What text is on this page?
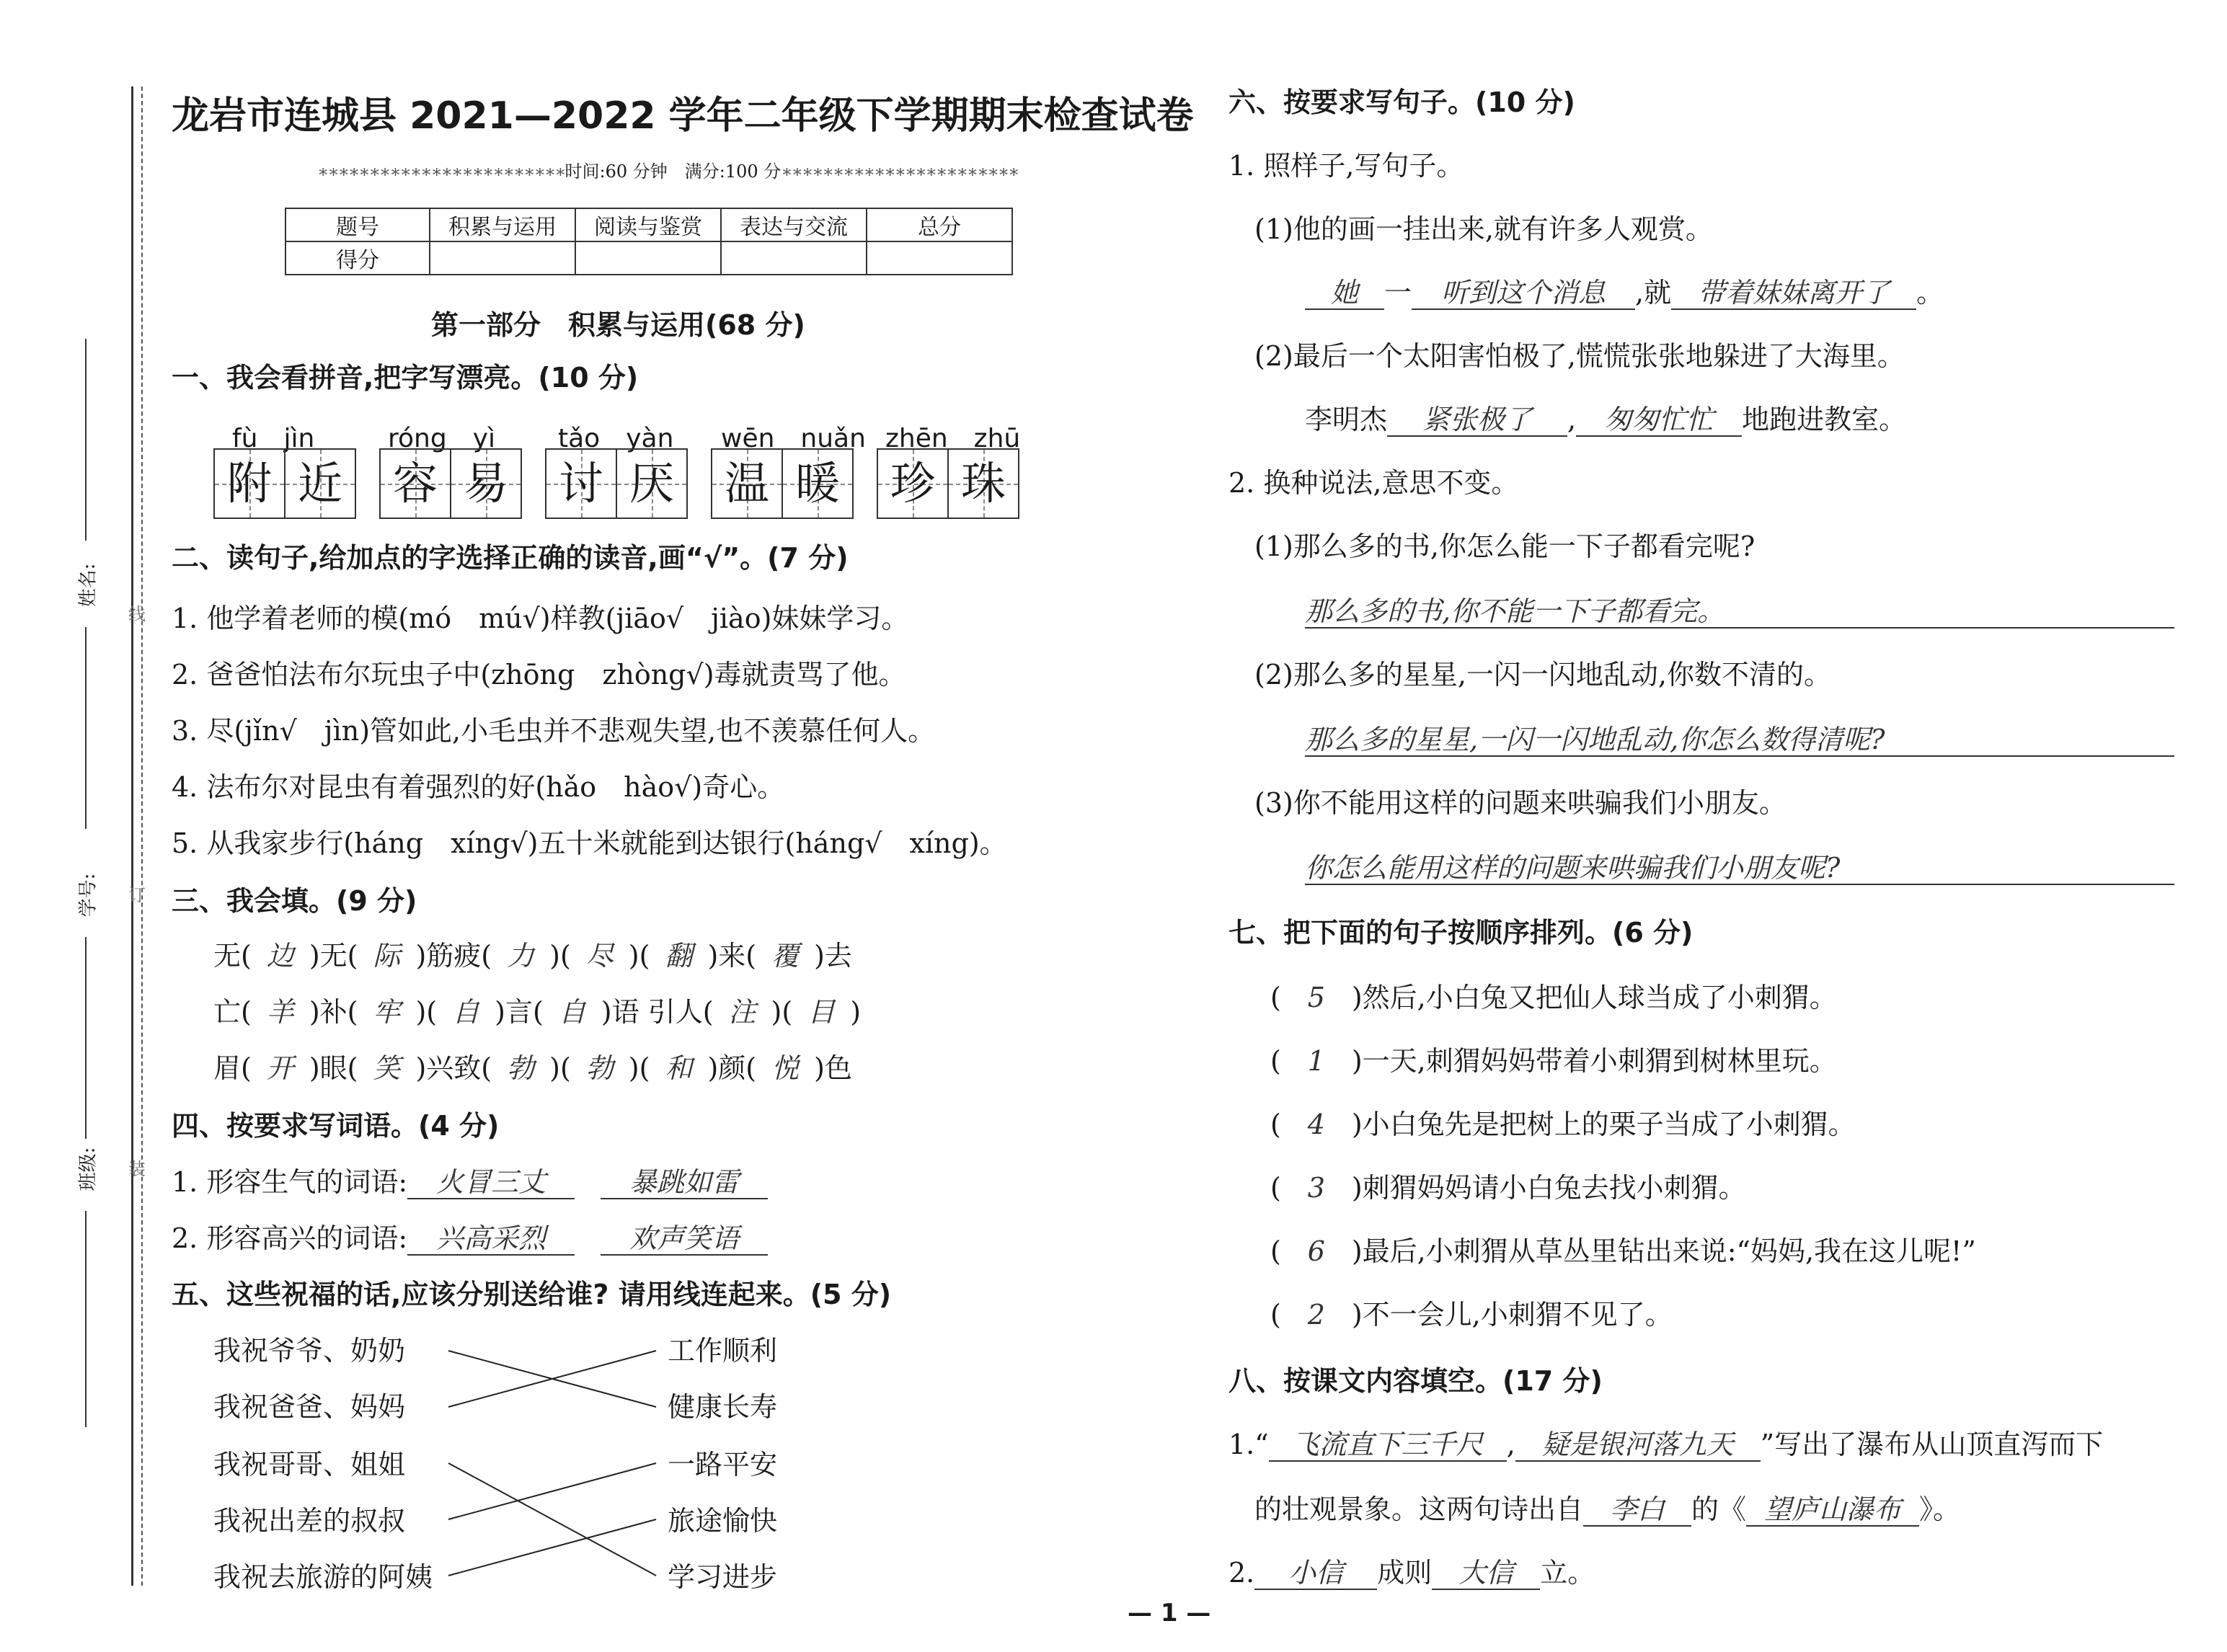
姓名:
学号:
班级:
线
订
装
龙岩市连城县 2021—2022 学年二年级下学期期末检查试卷
∗∗∗∗∗∗∗∗∗∗∗∗∗∗∗∗∗∗∗∗∗∗∗∗时间:60 分钟　满分:100 分∗∗∗∗∗∗∗∗∗∗∗∗∗∗∗∗∗∗∗∗∗∗∗
题号	积累与运用	阅读与鉴赏	表达与交流	总分
得分				
第一部分　积累与运用(68 分)
一、我会看拼音,把字写漂亮。(10 分)
fù　jìn	róng　yì tǎo　yàn wēn　nuǎn zhēn　zhū
附 近 容 易 讨 厌 温 暖 珍 珠
二、读句子,给加点的字选择正确的读音,画“√”。(7 分)
1. 他学着老师的模(mó　mú√)样教(jiāo√　jiào)妹妹学习。
2. 爸爸怕法布尔玩虫子中(zhōng　zhòng√)毒就责骂了他。
3. 尽(jǐn√　jìn)管如此,小毛虫并不悲观失望,也不羡慕任何人。
4. 法布尔对昆虫有着强烈的好(hǎo　hào√)奇心。
5. 从我家步行(háng　xíng√)五十米就能到达银行(háng√　xíng)。
三、我会填。(9 分)
无( 边 )无( 际 )筋疲( 力 )( 尽 )( 翻 )来( 覆 )去
亡( 羊 )补( 牢 )( 自 )言( 自 )语 引人( 注 )( 目 )
眉( 开 )眼( 笑 )兴致( 勃 )( 勃 )( 和 )颜( 悦 )色
四、按要求写词语。(4 分)
1. 形容生气的词语: 火冒三丈	暴跳如雷
2. 形容高兴的词语: 兴高采烈	欢声笑语
五、这些祝福的话,应该分别送给谁? 请用线连起来。(5 分)
我祝爷爷、奶奶
我祝爸爸、妈妈
我祝哥哥、姐姐
我祝出差的叔叔
我祝去旅游的阿姨
工作顺利
健康长寿
一路平安
旅途愉快
学习进步
六、按要求写句子。(10 分)
1. 照样子,写句子。
(1)他的画一挂出来,就有许多人观赏。
她 一 听到这个消息 ,就 带着妹妹离开了 。
(2)最后一个太阳害怕极了,慌慌张张地躲进了大海里。
李明杰 紧张极了 , 匆匆忙忙 地跑进教室。
2. 换种说法,意思不变。
(1)那么多的书,你怎么能一下子都看完呢?
那么多的书,你不能一下子都看完。
(2)那么多的星星,一闪一闪地乱动,你数不清的。
那么多的星星,一闪一闪地乱动,你怎么数得清呢?
(3)你不能用这样的问题来哄骗我们小朋友。
你怎么能用这样的问题来哄骗我们小朋友呢?
七、把下面的句子按顺序排列。(6 分)
( 5 )然后,小白兔又把仙人球当成了小刺猬。
( 1 )一天,刺猬妈妈带着小刺猬到树林里玩。
( 4 )小白兔先是把树上的栗子当成了小刺猬。
( 3 )刺猬妈妈请小白兔去找小刺猬。
( 6 )最后,小刺猬从草丛里钻出来说:“妈妈,我在这儿呢!”
( 2 )不一会儿,小刺猬不见了。
八、按课文内容填空。(17 分)
1.“ 飞流直下三千尺 , 疑是银河落九天 ”写出了瀑布从山顶直泻而下
的壮观景象。这两句诗出自 李白 的《 望庐山瀑布 》。
2. 小信 成则 大信 立。
— 1 —
